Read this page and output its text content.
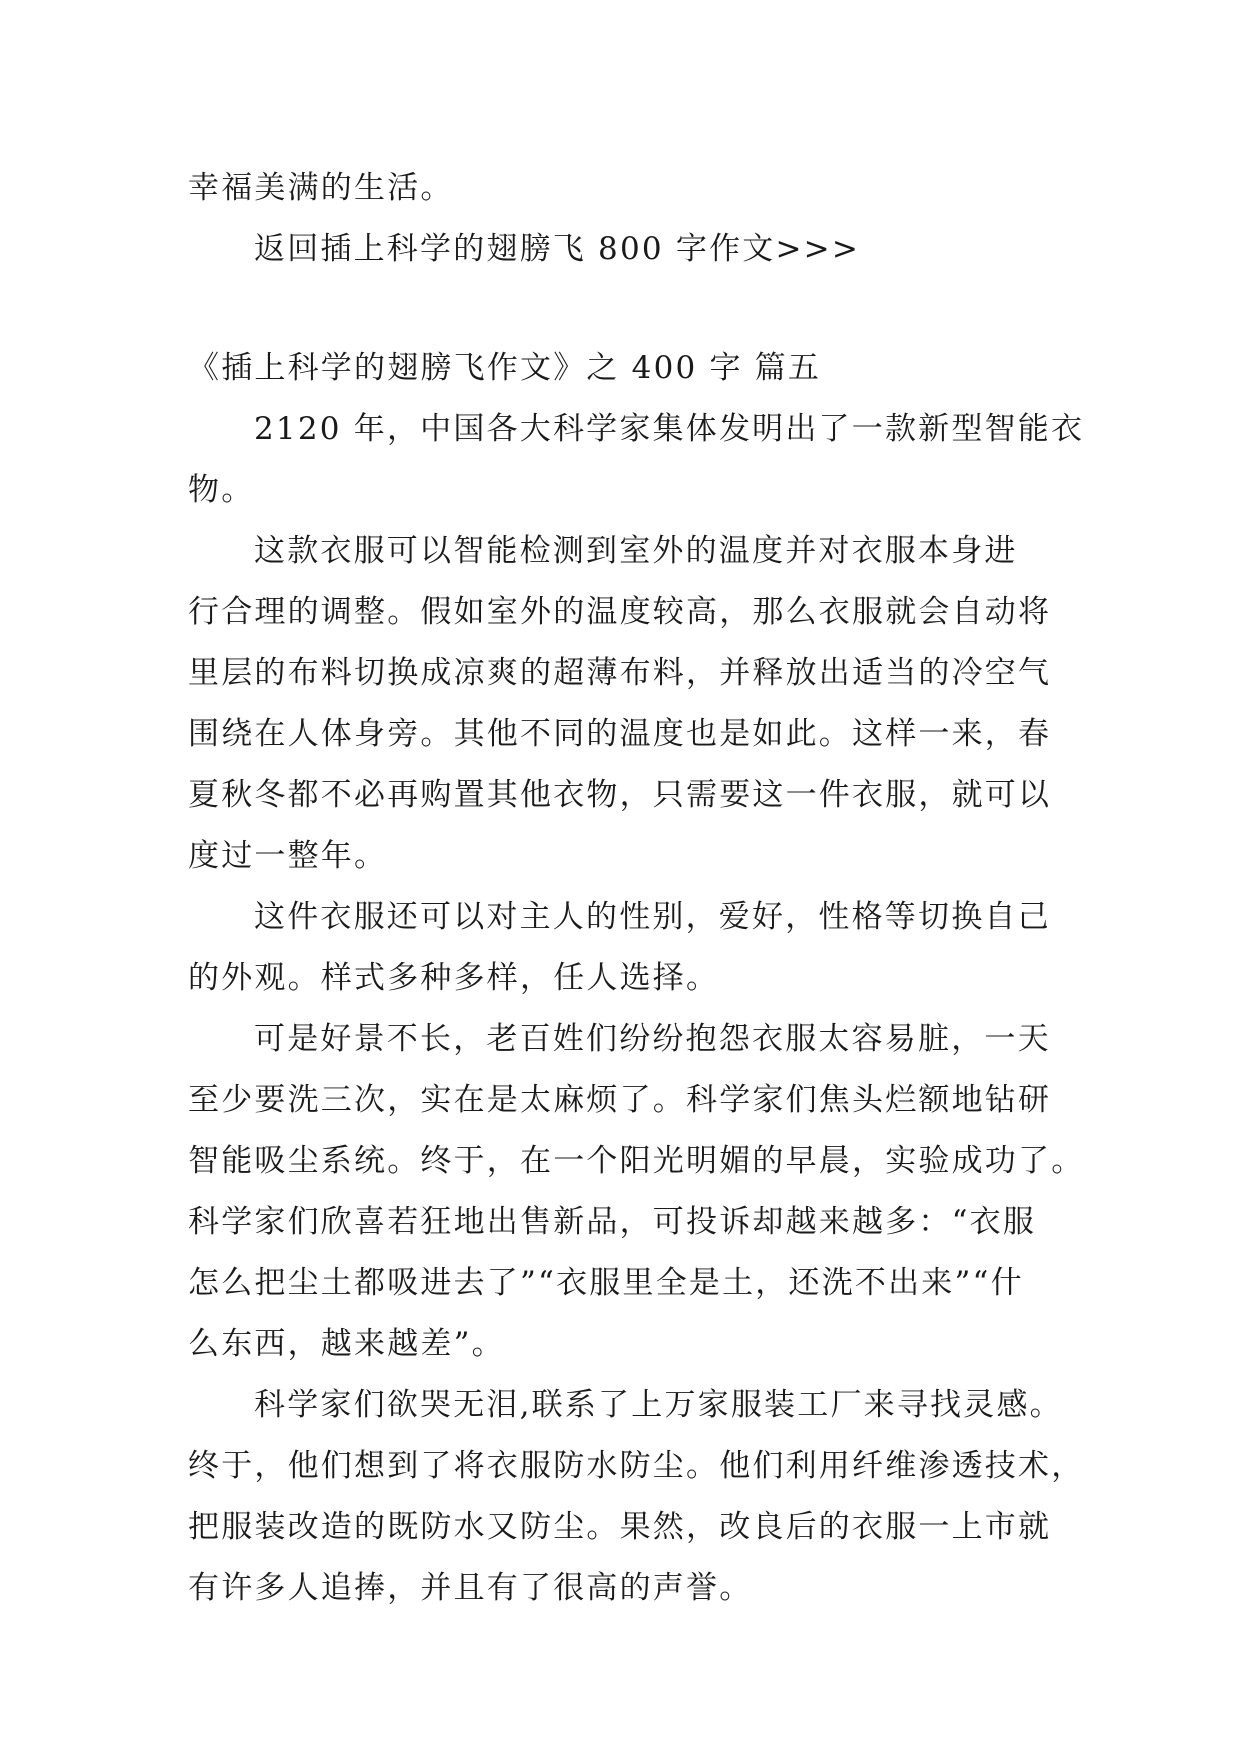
幸福美满的生活。

返回插上科学的翅膀飞 800 字作文>>>

《插上科学的翅膀飞作文》之 400 字 篇五

2120 年，中国各大科学家集体发明出了一款新型智能衣

物。

这款衣服可以智能检测到室外的温度并对衣服本身进

行合理的调整。假如室外的温度较高，那么衣服就会自动将

里层的布料切换成凉爽的超薄布料，并释放出适当的冷空气

围绕在人体身旁。其他不同的温度也是如此。这样一来，春

夏秋冬都不必再购置其他衣物，只需要这一件衣服，就可以

度过一整年。

这件衣服还可以对主人的性别，爱好，性格等切换自己

的外观。样式多种多样，任人选择。

可是好景不长，老百姓们纷纷抱怨衣服太容易脏，一天

至少要洗三次，实在是太麻烦了。科学家们焦头烂额地钻研

智能吸尘系统。终于，在一个阳光明媚的早晨，实验成功了。

科学家们欣喜若狂地出售新品，可投诉却越来越多：“衣服

怎么把尘土都吸进去了”“衣服里全是土，还洗不出来”“什

么东西，越来越差”。

科学家们欲哭无泪,联系了上万家服装工厂来寻找灵感。

终于，他们想到了将衣服防水防尘。他们利用纤维渗透技术，

把服装改造的既防水又防尘。果然，改良后的衣服一上市就

有许多人追捧，并且有了很高的声誉。
